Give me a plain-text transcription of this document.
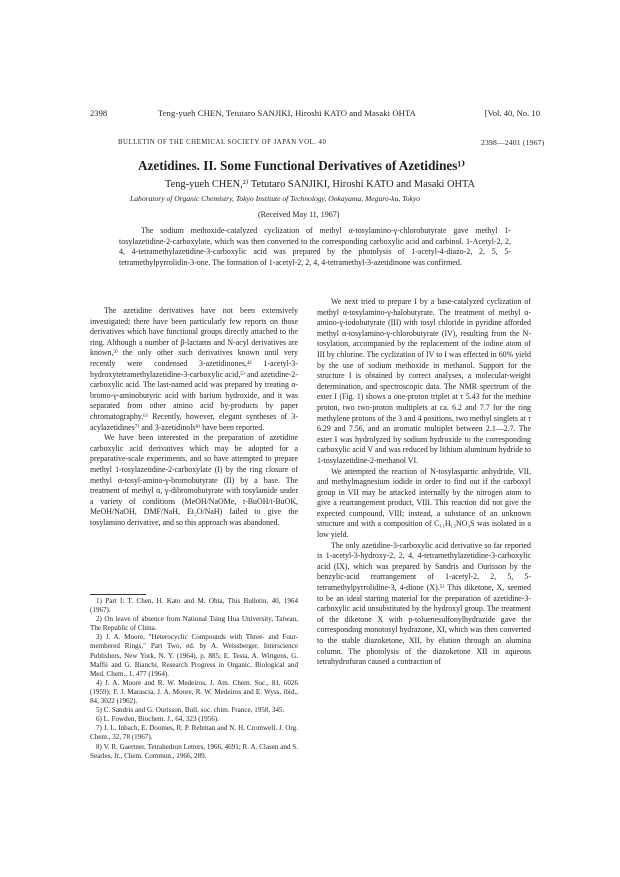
2398	Teng-yueh CHEN, Tetutaro SANJIKI, Hiroshi KATO and Masaki OHTA	[Vol. 40, No. 10
BULLETIN OF THE CHEMICAL SOCIETY OF JAPAN VOL. 40	2398—2401 (1967)
Azetidines. II. Some Functional Derivatives of Azetidines¹⁾
Teng-yueh CHEN,²⁾ Tetutaro SANJIKI, Hiroshi KATO and Masaki OHTA
Laboratory of Organic Chemistry, Tokyo Institute of Technology, Ookayama, Meguro-ku, Tokyo
(Received May 11, 1967)
The sodium methoxide-catalyzed cyclization of methyl α-tosylamino-γ-chlorobutyrate gave methyl 1-tosylazetidine-2-carboxylate, which was then converted to the corresponding carboxylic acid and carbinol. 1-Acetyl-2, 2, 4, 4-tetramethylazetidine-3-carboxylic acid was prepared by the photolysis of 1-acetyl-4-diazo-2, 2, 5, 5-tetramethylpyrrolidin-3-one. The formation of 1-acetyl-2, 2, 4, 4-tetramethyl-3-azetidinone was confirmed.

The azetidine derivatives have not been extensively investigated; there have been particularly few reports on those derivatives which have functional groups directly attached to the ring. Although a number of β-lactams and N-acyl derivatives are known,³⁾ the only other such derivatives known until very recently were condensed 3-azetidinones,⁴⁾ 1-acetyl-3-hydroxytetramethylazetidine-3-carboxylic acid,⁵⁾ and azetidine-2-carboxylic acid. The last-named acid was prepared by treating α-bromo-γ-aminobutyric acid with barium hydroxide, and it was separated from other amino acid by-products by paper chromatography.⁶⁾ Recently, however, elegant syntheses of 3-acylazetidines⁷⁾ and 3-azetidinols⁸⁾ have been reported.

We have been interested in the preparation of azetidine carboxylic acid derivatives which may be adopted for a preparative-scale experiments, and so have attempted to prepare methyl 1-tosylazetidine-2-carboxylate (I) by the ring closure of methyl α-tosyl-amino-γ-bromobutyrate (II) by a base. The treatment of methyl α, γ-dibromobutyrate with tosylamide under a variety of conditions (MeOH/NaOMe, t-BuOH/t-BuOK, MeOH/NaOH, DMF/NaH, Et₂O/NaH) failed to give the tosylamino derivative, and so this approach was abandoned.

1) Part I: T. Chen, H. Kato and M. Ohta, This Bulletin, 40, 1964 (1967).

2) On leave of absence from National Tsing Hua University, Taiwan, The Republic of China.

3) J. A. Moore, "Heterocyclic Compounds with Three- and Four-membered Rings," Part Two, ed. by A. Weissberger, Interscience Publishers, New York, N. Y. (1964), p. 885; E. Testa, A. Wittgens, G. Maffii and G. Bianchi, Research Progress in Organic, Biological and Med. Chem., 1, 477 (1964).

4) J. A. Moore and R. W. Medeiros, J. Am. Chem. Soc., 81, 6026 (1959); F. J. Marascia, J. A. Moore, R. W. Medeiros and E. Wyss, ibid., 84, 3022 (1962).

5) C. Sandris and G. Ourisson, Bull. soc. chim. France, 1958, 345.

6) L. Fowden, Biochem. J., 64, 323 (1956).

7) J. L. Inbach, E. Doomes, R. P. Rebman and N. H. Cromwell, J. Org. Chem., 32, 78 (1967).

8) V. R. Gaertner, Tetrahedron Letters, 1966, 4691; R. A. Clasen and S. Searles, Jr., Chem. Commun., 1966, 289.

We next tried to prepare I by a base-catalyzed cyclization of methyl α-tosylamino-γ-halobutyrate. The treatment of methyl α-amino-γ-iodobutyrate (III) with tosyl chloride in pyridine afforded methyl α-tosylamino-γ-chlorobutyrate (IV), resulting from the N-tosylation, accompanied by the replacement of the iodine atom of III by chlorine. The cyclization of IV to I was effected in 60% yield by the use of sodium methoxide in methanol. Support for the structure I is obtained by correct analyses, a molecular-weight determination, and spectroscopic data. The NMR spectrum of the ester I (Fig. 1) shows a one-proton triplet at τ 5.43 for the methine proton, two two-proton multiplets at ca. 6.2 and 7.7 for the ring methylene protons of the 3 and 4 positions, two methyl singlets at τ 6.29 and 7.56, and an aromatic multiplet between 2.1—2.7. The ester I was hydrolyzed by sodium hydroxide to the corresponding carboxylic acid V and was reduced by lithium aluminum hydride to 1-tosylazetidine-2-methanol VI.

We attempted the reaction of N-tosylaspartic anhydride, VII, and methylmagnesium iodide in order to find out if the carboxyl group in VII may be attacked internally by the nitrogen atom to give a rearrangement product, VIII. This reaction did not give the expected compound, VIII; instead, a substance of an unknown structure and with a composition of C₁₁H₁₃NO₃S was isolated in a low yield.

The only azetidine-3-carboxylic acid derivative so far reported is 1-acetyl-3-hydroxy-2, 2, 4, 4-tetramethylazetidine-3-carboxylic acid (IX), which was prepared by Sandris and Ourisson by the benzylic-acid rearrangement of 1-acetyl-2, 2, 5, 5-tetramethylpyrrolidine-3, 4-dione (X).⁵⁾ This diketone, X, seemed to be an ideal starting material for the preparation of azetidine-3-carboxylic acid unsubstituted by the hydroxyl group. The treatment of the diketone X with p-toluenesulfonylhydrazide gave the corresponding monotosyl hydrazone, XI, which was then converted to the stable diazoketone, XII, by elution through an alumina column. The photolysis of the diazoketone XII in aqueous tetrahydrofuran caused a contraction of
